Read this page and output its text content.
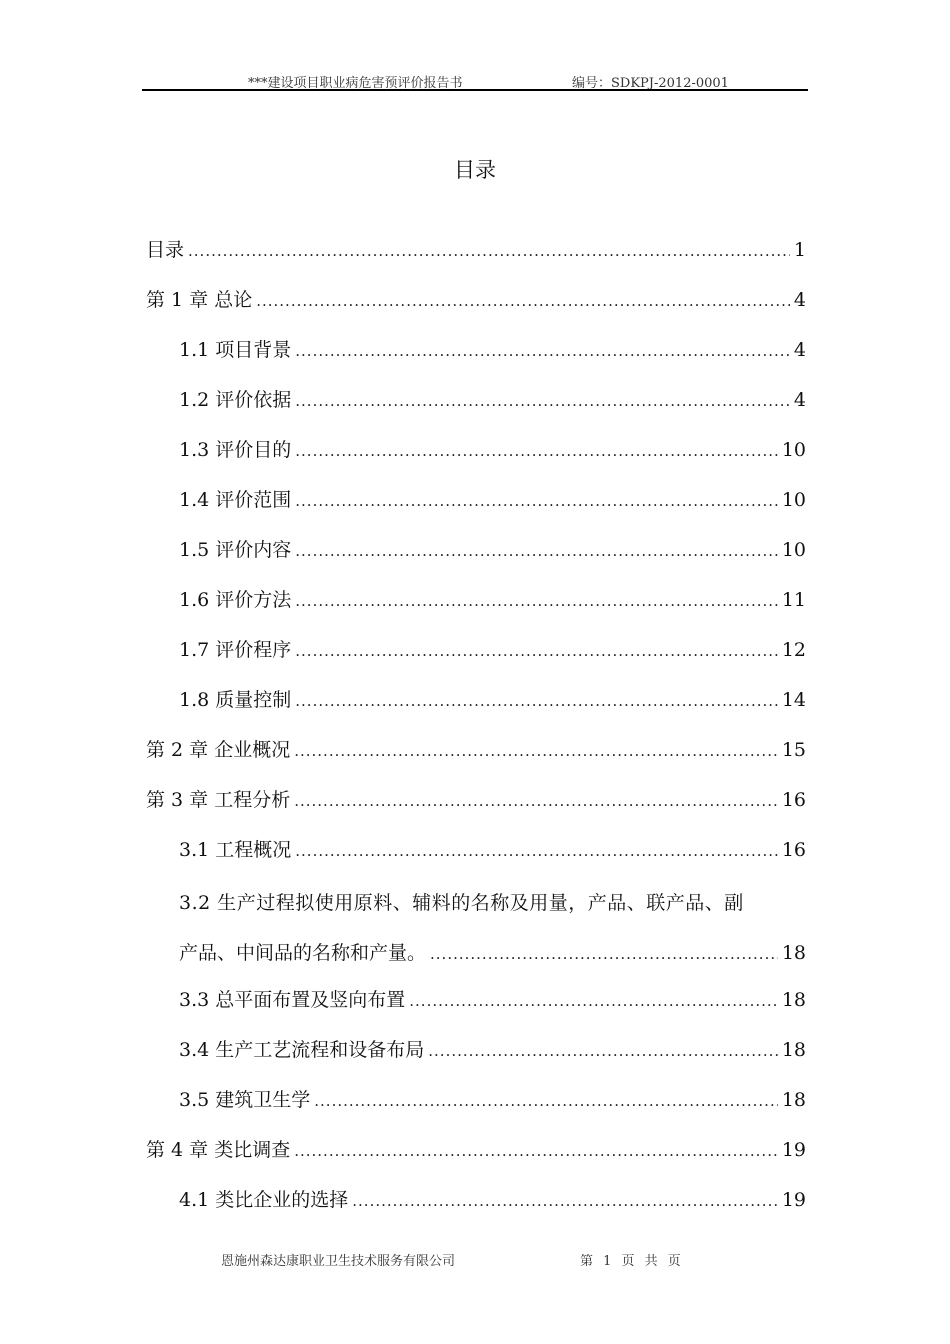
***建设项目职业病危害预评价报告书	编号：SDKPJ-2012-0001
目录
目录 .....	1
第 1 章 总论 .....	4
1.1 项目背景 .....	4
1.2 评价依据 .....	4
1.3 评价目的 .....	10
1.4 评价范围 .....	10
1.5 评价内容 .....	10
1.6 评价方法 .....	11
1.7 评价程序 .....	12
1.8 质量控制 .....	14
第 2 章 企业概况 .....	15
第 3 章 工程分析 .....	16
3.1 工程概况 .....	16
3.2 生产过程拟使用原料、辅料的名称及用量，产品、联产品、副
产品、中间品的名称和产量。 .....	18
3.3 总平面布置及竖向布置 .....	18
3.4 生产工艺流程和设备布局 .....	18
3.5 建筑卫生学 .....	18
第 4 章 类比调查 .....	19
4.1 类比企业的选择 .....	19
恩施州森达康职业卫生技术服务有限公司	第 1 页 共 页
